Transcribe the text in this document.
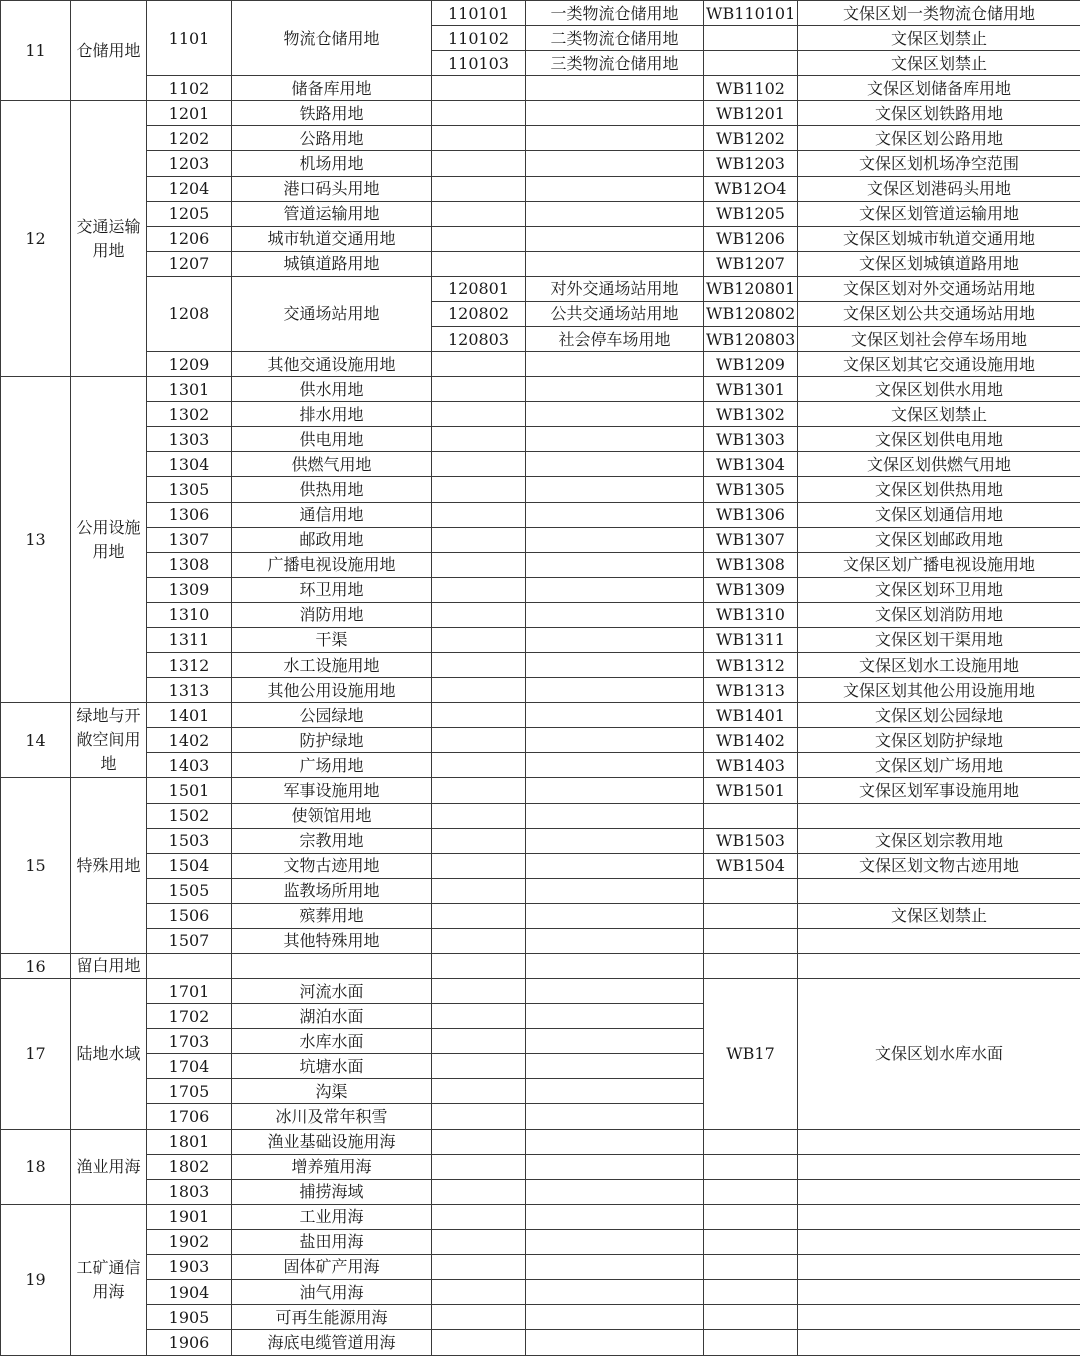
11	仓储用地	1101	物流仓储用地	110101	一类物流仓储用地	WB110101	文保区划一类物流仓储用地
				110102	二类物流仓储用地		文保区划禁止
				110103	三类物流仓储用地		文保区划禁止
		1102	储备库用地			WB1102	文保区划储备库用地
12	交通运输用地	1201	铁路用地			WB1201	文保区划铁路用地
		1202	公路用地			WB1202	文保区划公路用地
		1203	机场用地			WB1203	文保区划机场净空范围
		1204	港口码头用地			WB12O4	文保区划港码头用地
		1205	管道运输用地			WB1205	文保区划管道运输用地
		1206	城市轨道交通用地			WB1206	文保区划城市轨道交通用地
		1207	城镇道路用地			WB1207	文保区划城镇道路用地
		1208	交通场站用地	120801	对外交通场站用地	WB120801	文保区划对外交通场站用地
				120802	公共交通场站用地	WB120802	文保区划公共交通场站用地
				120803	社会停车场用地	WB120803	文保区划社会停车场用地
		1209	其他交通设施用地			WB1209	文保区划其它交通设施用地
13	公用设施用地	1301	供水用地			WB1301	文保区划供水用地
		1302	排水用地			WB1302	文保区划禁止
		1303	供电用地			WB1303	文保区划供电用地
		1304	供燃气用地			WB1304	文保区划供燃气用地
		1305	供热用地			WB1305	文保区划供热用地
		1306	通信用地			WB1306	文保区划通信用地
		1307	邮政用地			WB1307	文保区划邮政用地
		1308	广播电视设施用地			WB1308	文保区划广播电视设施用地
		1309	环卫用地			WB1309	文保区划环卫用地
		1310	消防用地			WB1310	文保区划消防用地
		1311	干渠			WB1311	文保区划干渠用地
		1312	水工设施用地			WB1312	文保区划水工设施用地
		1313	其他公用设施用地			WB1313	文保区划其他公用设施用地
14	绿地与开敞空间用地	1401	公园绿地			WB1401	文保区划公园绿地
		1402	防护绿地			WB1402	文保区划防护绿地
		1403	广场用地			WB1403	文保区划广场用地
15	特殊用地	1501	军事设施用地			WB1501	文保区划军事设施用地
		1502	使领馆用地				
		1503	宗教用地			WB1503	文保区划宗教用地
		1504	文物古迹用地			WB1504	文保区划文物古迹用地
		1505	监教场所用地				
		1506	殡葬用地				文保区划禁止
		1507	其他特殊用地				
16	留白用地						
17	陆地水域	1701	河流水面			WB17	文保区划水库水面
		1702	湖泊水面				
		1703	水库水面				
		1704	坑塘水面				
		1705	沟渠				
		1706	冰川及常年积雪				
18	渔业用海	1801	渔业基础设施用海				
		1802	增养殖用海				
		1803	捕捞海域				
19	工矿通信用海	1901	工业用海				
		1902	盐田用海				
		1903	固体矿产用海				
		1904	油气用海				
		1905	可再生能源用海				
		1906	海底电缆管道用海				
